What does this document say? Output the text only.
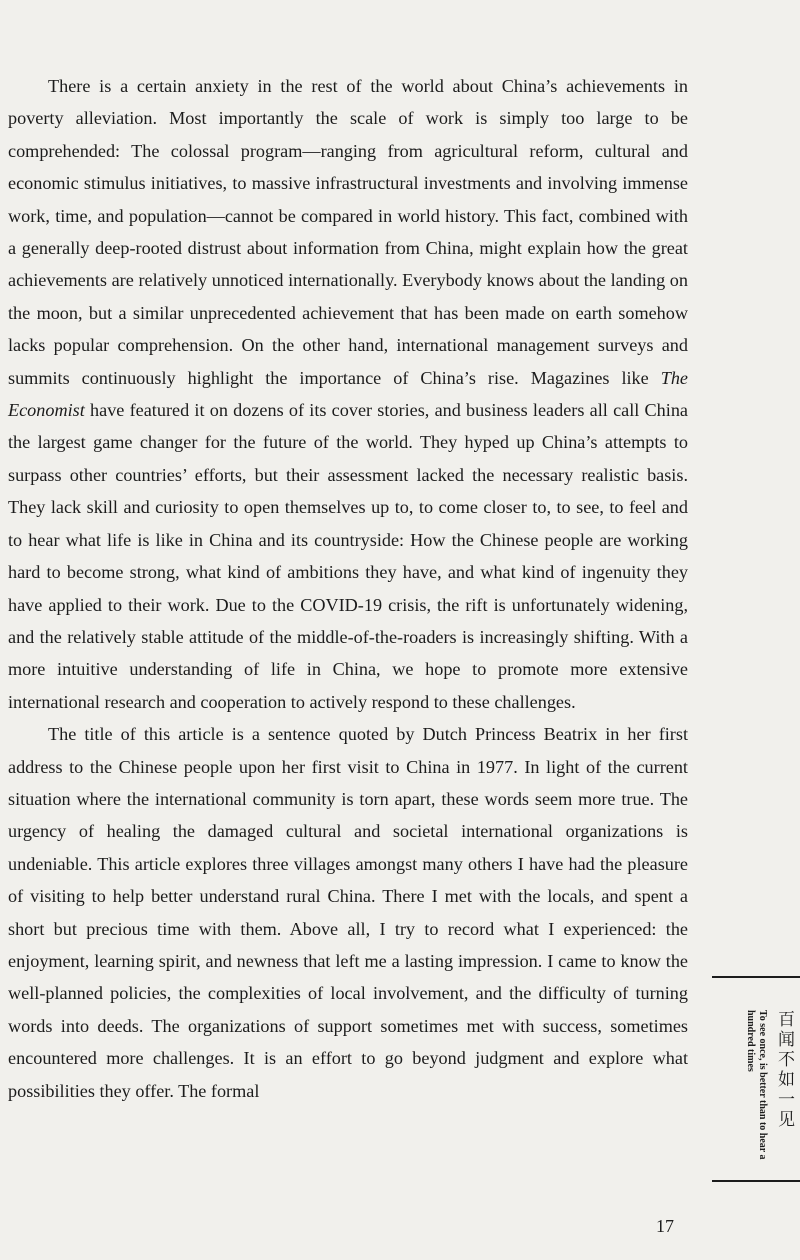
There is a certain anxiety in the rest of the world about China’s achievements in poverty alleviation. Most importantly the scale of work is simply too large to be comprehended: The colossal program—ranging from agricultural reform, cultural and economic stimulus initiatives, to massive infrastructural investments and involving immense work, time, and population—cannot be compared in world history. This fact, combined with a generally deep-rooted distrust about information from China, might explain how the great achievements are relatively unnoticed internationally. Everybody knows about the landing on the moon, but a similar unprecedented achievement that has been made on earth somehow lacks popular comprehension. On the other hand, international management surveys and summits continuously highlight the importance of China’s rise. Magazines like The Economist have featured it on dozens of its cover stories, and business leaders all call China the largest game changer for the future of the world. They hyped up China’s attempts to surpass other countries’ efforts, but their assessment lacked the necessary realistic basis. They lack skill and curiosity to open themselves up to, to come closer to, to see, to feel and to hear what life is like in China and its countryside: How the Chinese people are working hard to become strong, what kind of ambitions they have, and what kind of ingenuity they have applied to their work. Due to the COVID-19 crisis, the rift is unfortunately widening, and the relatively stable attitude of the middle-of-the-roaders is increasingly shifting. With a more intuitive understanding of life in China, we hope to promote more extensive international research and cooperation to actively respond to these challenges.

The title of this article is a sentence quoted by Dutch Princess Beatrix in her first address to the Chinese people upon her first visit to China in 1977. In light of the current situation where the international community is torn apart, these words seem more true. The urgency of healing the damaged cultural and societal international organizations is undeniable. This article explores three villages amongst many others I have had the pleasure of visiting to help better understand rural China. There I met with the locals, and spent a short but precious time with them. Above all, I try to record what I experienced: the enjoyment, learning spirit, and newness that left me a lasting impression. I came to know the well-planned policies, the complexities of local involvement, and the difficulty of turning words into deeds. The organizations of support sometimes met with success, sometimes encountered more challenges. It is an effort to go beyond judgment and explore what possibilities they offer. The formal	百闻不如一见
To see once, is better than to hear a hundred times
17
